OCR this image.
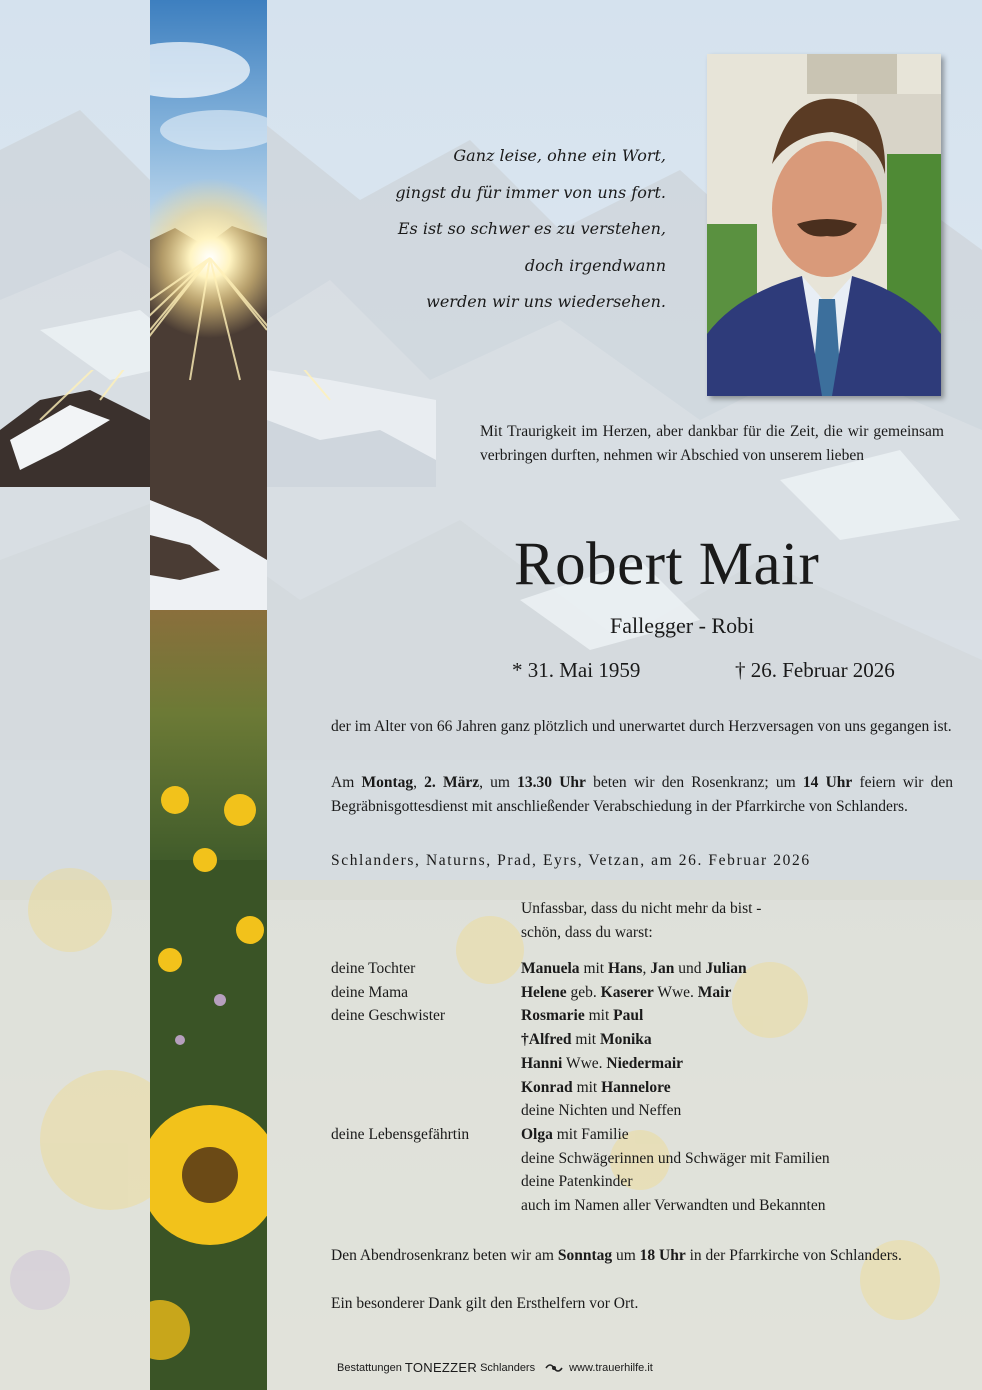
Ganz leise, ohne ein Wort,
gingst du für immer von uns fort.
Es ist so schwer es zu verstehen,
doch irgendwann
werden wir uns wiedersehen.

Mit Traurigkeit im Herzen, aber dankbar für die Zeit, die wir gemeinsam verbringen durften, nehmen wir Abschied von unserem lieben

Robert Mair
Fallegger - Robi
* 31. Mai 1959	† 26. Februar 2026

der im Alter von 66 Jahren ganz plötzlich und unerwartet durch Herzversagen von uns gegangen ist.

Am Montag, 2. März, um 13.30 Uhr beten wir den Rosenkranz; um 14 Uhr feiern wir den Begräbnisgottesdienst mit anschließender Verabschiedung in der Pfarrkirche von Schlanders.

Schlanders, Naturns, Prad, Eyrs, Vetzan, am 26. Februar 2026
Unfassbar, dass du nicht mehr da bist -
schön, dass du warst:
deine Tochter	Manuela mit Hans, Jan und Julian
deine Mama	Helene geb. Kaserer Wwe. Mair
deine Geschwister	Rosmarie mit Paul
†Alfred mit Monika
Hanni Wwe. Niedermair
Konrad mit Hannelore
deine Nichten und Neffen
deine Lebensgefährtin	Olga mit Familie
deine Schwägerinnen und Schwäger mit Familien
deine Patenkinder
auch im Namen aller Verwandten und Bekannten

Den Abendrosenkranz beten wir am Sonntag um 18 Uhr in der Pfarrkirche von Schlanders.

Ein besonderer Dank gilt den Ersthelfern vor Ort.

Bestattungen TONEZZER Schlanders	www.trauerhilfe.it
